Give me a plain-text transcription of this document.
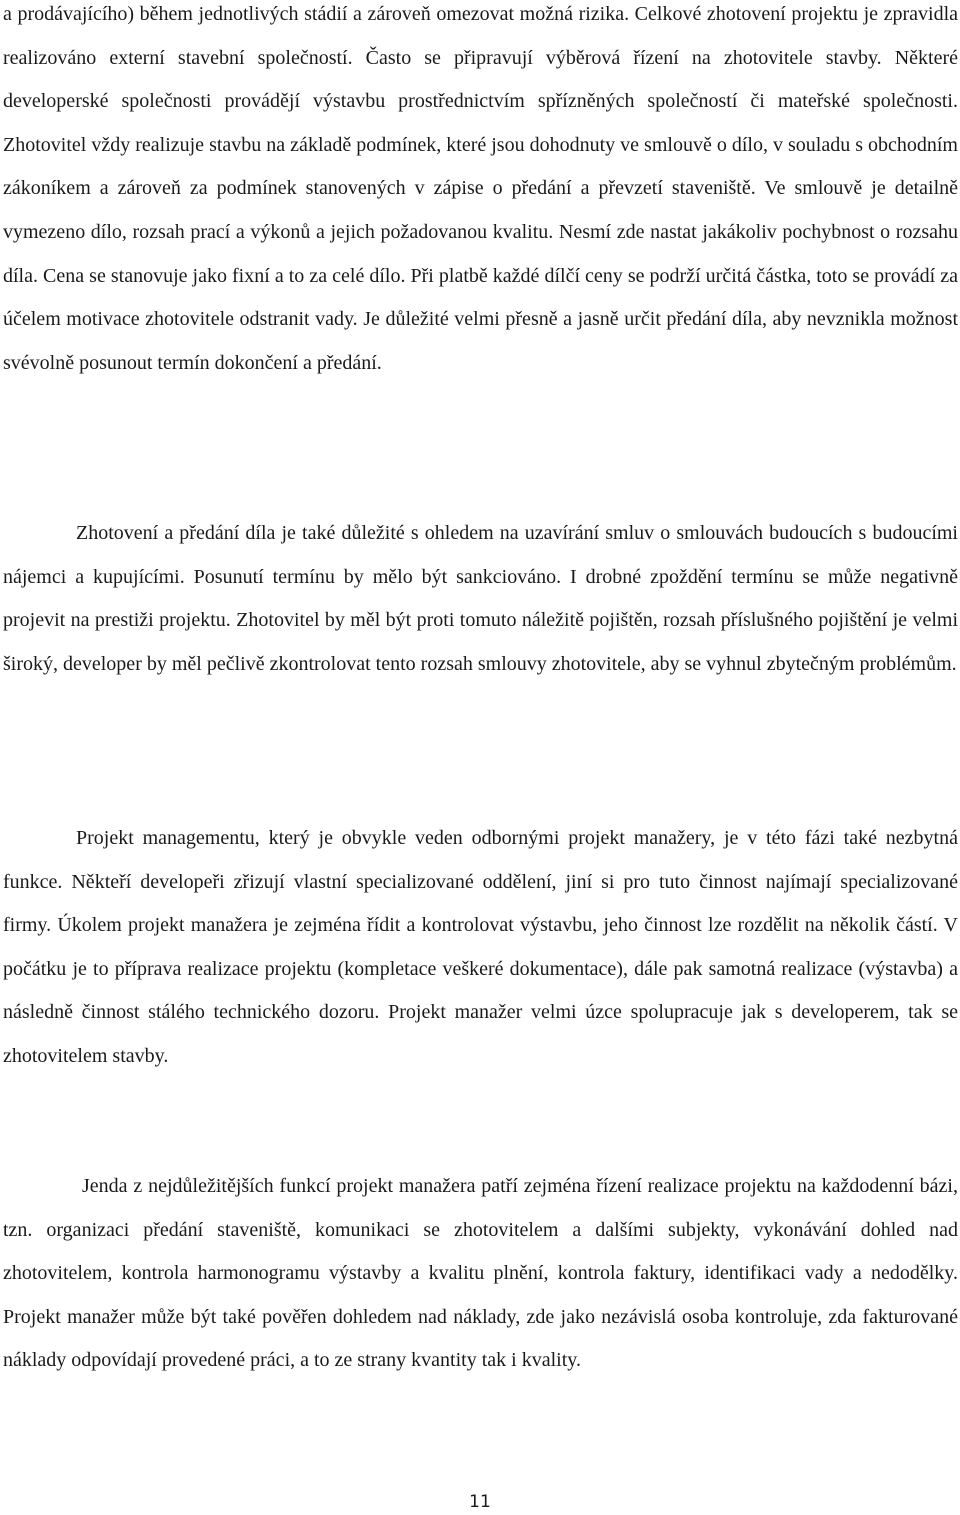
a prodávajícího) během jednotlivých stádií a zároveň omezovat možná rizika. Celkové zhotovení projektu je zpravidla realizováno externí stavební společností. Často se připravují výběrová řízení na zhotovitele stavby. Některé developerské společnosti provádějí výstavbu prostřednictvím spřízněných společností či mateřské společnosti. Zhotovitel vždy realizuje stavbu na základě podmínek, které jsou dohodnuty ve smlouvě o dílo, v souladu s obchodním zákoníkem a zároveň za podmínek stanovených v zápise o předání a převzetí staveniště. Ve smlouvě je detailně vymezeno dílo, rozsah prací a výkonů a jejich požadovanou kvalitu. Nesmí zde nastat jakákoliv pochybnost o rozsahu díla. Cena se stanovuje jako fixní a to za celé dílo. Při platbě každé dílčí ceny se podrží určitá částka, toto se provádí za účelem motivace zhotovitele odstranit vady. Je důležité velmi přesně a jasně určit předání díla, aby nevznikla možnost svévolně posunout termín dokončení a předání.

Zhotovení a předání díla je také důležité s ohledem na uzavírání smluv o smlouvách budoucích s budoucími nájemci a kupujícími. Posunutí termínu by mělo být sankciováno. I drobné zpoždění termínu se může negativně projevit na prestiži projektu. Zhotovitel by měl být proti tomuto náležitě pojištěn, rozsah příslušného pojištění je velmi široký, developer by měl pečlivě zkontrolovat tento rozsah smlouvy zhotovitele, aby se vyhnul zbytečným problémům.

Projekt managementu, který je obvykle veden odbornými projekt manažery, je v této fázi také nezbytná funkce. Někteří developeři zřizují vlastní specializované oddělení, jiní si pro tuto činnost najímají specializované firmy. Úkolem projekt manažera je zejména řídit a kontrolovat výstavbu, jeho činnost lze rozdělit na několik částí. V počátku je to příprava realizace projektu (kompletace veškeré dokumentace), dále pak samotná realizace (výstavba) a následně činnost stálého technického dozoru. Projekt manažer velmi úzce spolupracuje jak s developerem, tak se zhotovitelem stavby.

Jenda z nejdůležitějších funkcí projekt manažera patří zejména řízení realizace projektu na každodenní bázi, tzn. organizaci předání staveniště, komunikaci se zhotovitelem a dalšími subjekty, vykonávání dohled nad zhotovitelem, kontrola harmonogramu výstavby a kvalitu plnění, kontrola faktury, identifikaci vady a nedodělky. Projekt manažer může být také pověřen dohledem nad náklady, zde jako nezávislá osoba kontroluje, zda fakturované náklady odpovídají provedené práci, a to ze strany kvantity tak i kvality.

11
